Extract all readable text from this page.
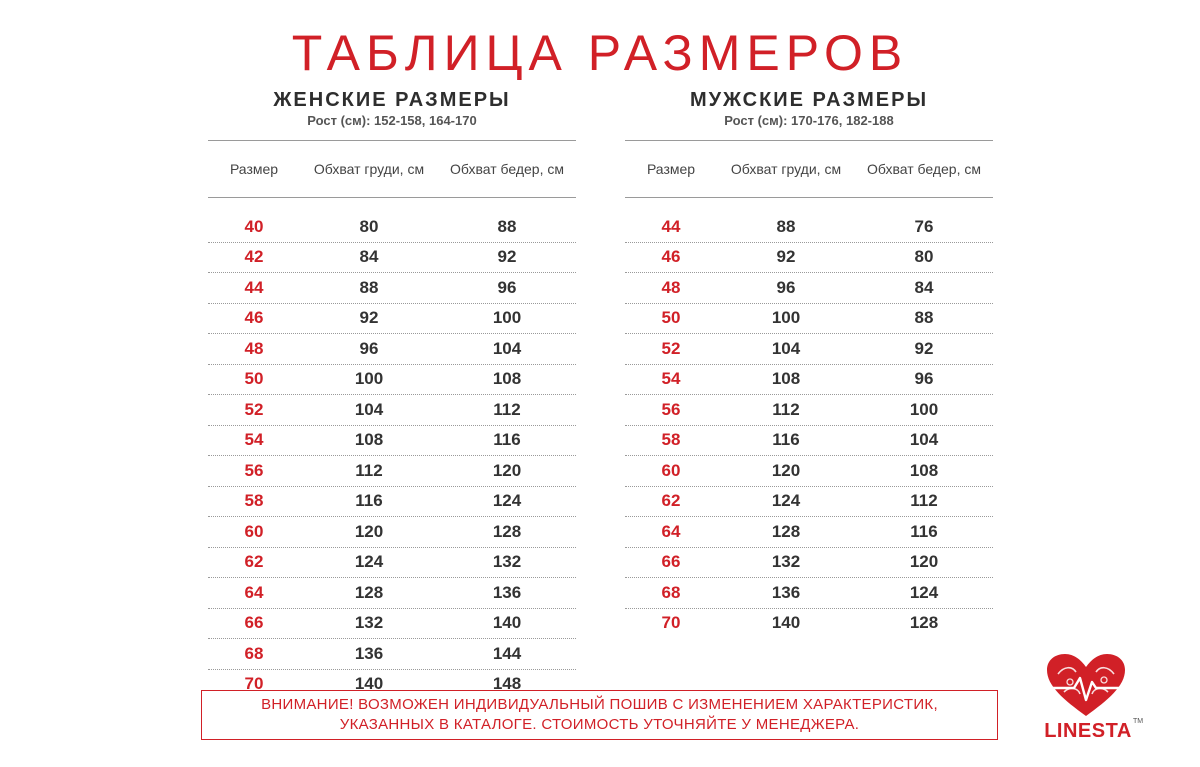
ТАБЛИЦА РАЗМЕРОВ
ЖЕНСКИЕ РАЗМЕРЫ
Рост (см): 152-158, 164-170
Размер	Обхват груди, см	Обхват бедер, см
40	80	88
42	84	92
44	88	96
46	92	100
48	96	104
50	100	108
52	104	112
54	108	116
56	112	120
58	116	124
60	120	128
62	124	132
64	128	136
66	132	140
68	136	144
70	140	148
МУЖСКИЕ РАЗМЕРЫ
Рост (см): 170-176, 182-188
Размер	Обхват груди, см	Обхват бедер, см
44	88	76
46	92	80
48	96	84
50	100	88
52	104	92
54	108	96
56	112	100
58	116	104
60	120	108
62	124	112
64	128	116
66	132	120
68	136	124
70	140	128
ВНИМАНИЕ! ВОЗМОЖЕН ИНДИВИДУАЛЬНЫЙ ПОШИВ С ИЗМЕНЕНИЕМ ХАРАКТЕРИСТИК,
УКАЗАННЫХ В КАТАЛОГЕ. СТОИМОСТЬ УТОЧНЯЙТЕ У МЕНЕДЖЕРА.	LINESTA TM
